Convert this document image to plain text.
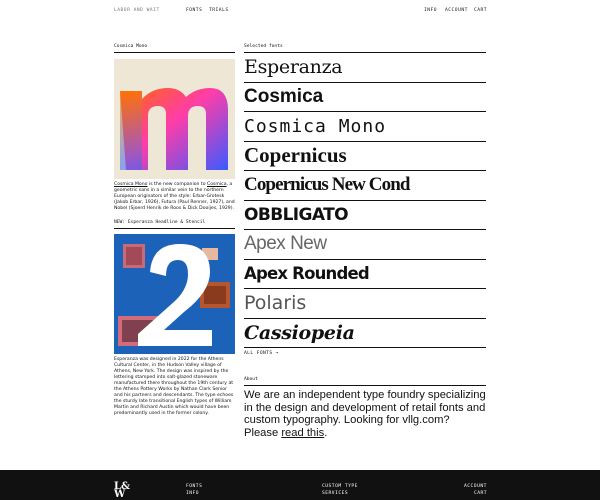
LABOR AND WAIT	FONTS TRIALS	INFO ACCOUNT CART
Cosmica Mono
Cosmica Mono is the new companion to Cosmica, a geometric sans in a similar vein to the northern European originators of the style: Erbar-Grotesk (Jakob Erbar, 1926), Futura (Paul Renner, 1927), and Nobel (Sjoerd Henrik de Roos & Dick Dooijes, 1929).
NEW: Esperanza Headline & Stencil
Esperanza was designed in 2022 for the Athens Cultural Center, in the Hudson Valley village of Athens, New York. The design was inspired by the lettering stamped into salt-glazed stoneware manufactured there throughout the 19th century at the Athens Pottery Works by Nathan Clark Senior and his partners and descendants. The type echoes the sturdy late transitional English types of William Martin and Richard Austin which would have been predominantly used in the former colony.
Selected fonts
Esperanza
Cosmica
Cosmica Mono
Copernicus
Copernicus New Cond
OBBLIGATO
Apex New
Apex Rounded
Polaris
Cassiopeia
ALL FONTS →
About
We are an independent type foundry specializing in the design and development of retail fonts and custom typography. Looking for vllg.com? Please read this.
L&
W
FONTS
INFO
CUSTOM TYPE
SERVICES
ACCOUNT
CART
